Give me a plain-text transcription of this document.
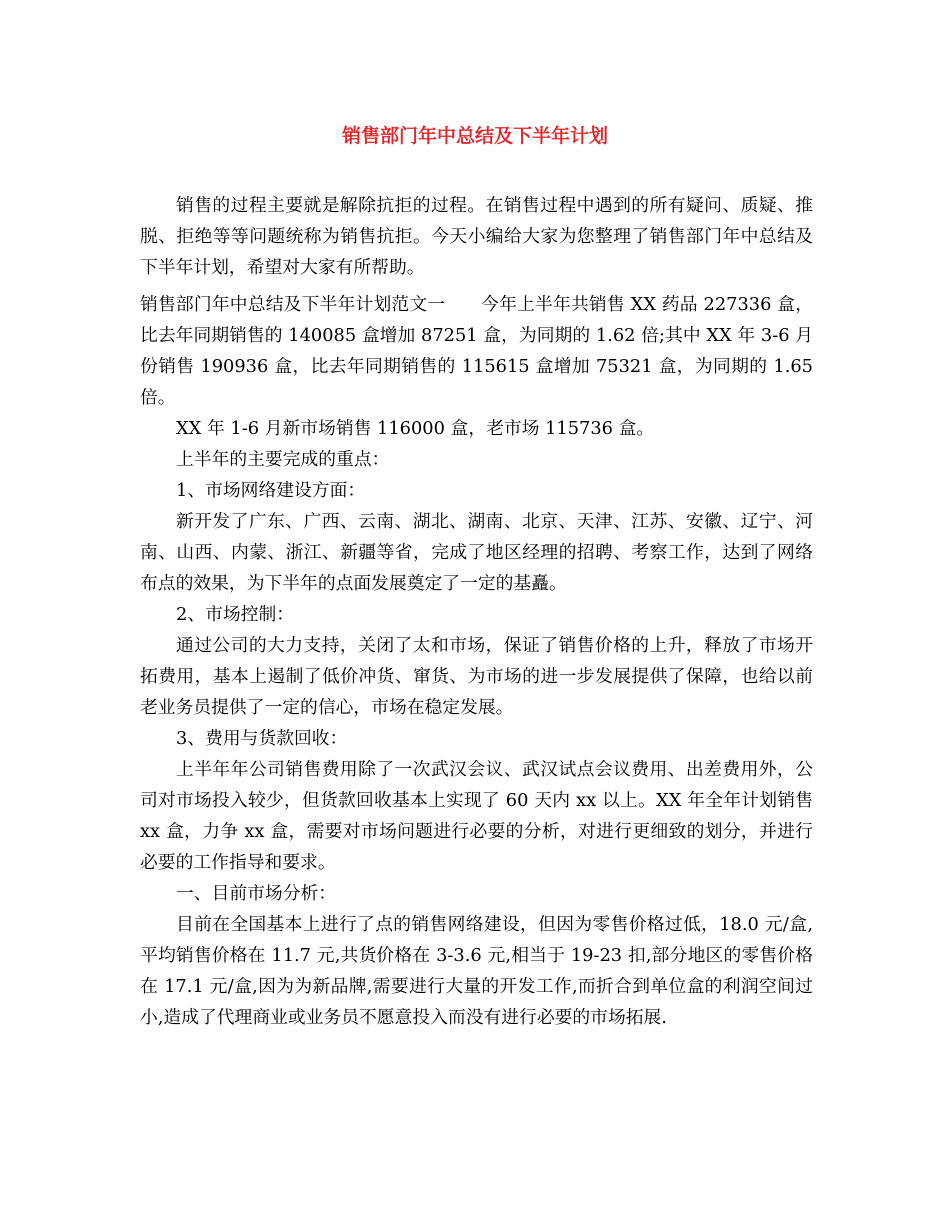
销售部门年中总结及下半年计划

销售的过程主要就是解除抗拒的过程。在销售过程中遇到的所有疑问、质疑、推脱、拒绝等等问题统称为销售抗拒。今天小编给大家为您整理了销售部门年中总结及下半年计划，希望对大家有所帮助。

销售部门年中总结及下半年计划范文一　　今年上半年共销售 XX 药品 227336 盒，比去年同期销售的 140085 盒增加 87251 盒，为同期的 1.62 倍;其中 XX 年 3-6 月份销售 190936 盒，比去年同期销售的 115615 盒增加 75321 盒，为同期的 1.65 倍。

XX 年 1-6 月新市场销售 116000 盒，老市场 115736 盒。

上半年的主要完成的重点：

1、市场网络建设方面：

新开发了广东、广西、云南、湖北、湖南、北京、天津、江苏、安徽、辽宁、河南、山西、内蒙、浙江、新疆等省，完成了地区经理的招聘、考察工作，达到了网络布点的效果，为下半年的点面发展奠定了一定的基矗。

2、市场控制：

通过公司的大力支持，关闭了太和市场，保证了销售价格的上升，释放了市场开拓费用，基本上遏制了低价冲货、窜货、为市场的进一步发展提供了保障，也给以前老业务员提供了一定的信心，市场在稳定发展。

3、费用与货款回收：

上半年年公司销售费用除了一次武汉会议、武汉试点会议费用、出差费用外，公司对市场投入较少，但货款回收基本上实现了 60 天内 xx 以上。XX 年全年计划销售 xx 盒，力争 xx 盒，需要对市场问题进行必要的分析，对进行更细致的划分，并进行必要的工作指导和要求。

一、目前市场分析：

目前在全国基本上进行了点的销售网络建设，但因为零售价格过低，18.0 元/盒,平均销售价格在 11.7 元,共货价格在 3-3.6 元,相当于 19-23 扣,部分地区的零售价格在 17.1 元/盒,因为为新品牌,需要进行大量的开发工作,而折合到单位盒的利润空间过小,造成了代理商业或业务员不愿意投入而没有进行必要的市场拓展.
